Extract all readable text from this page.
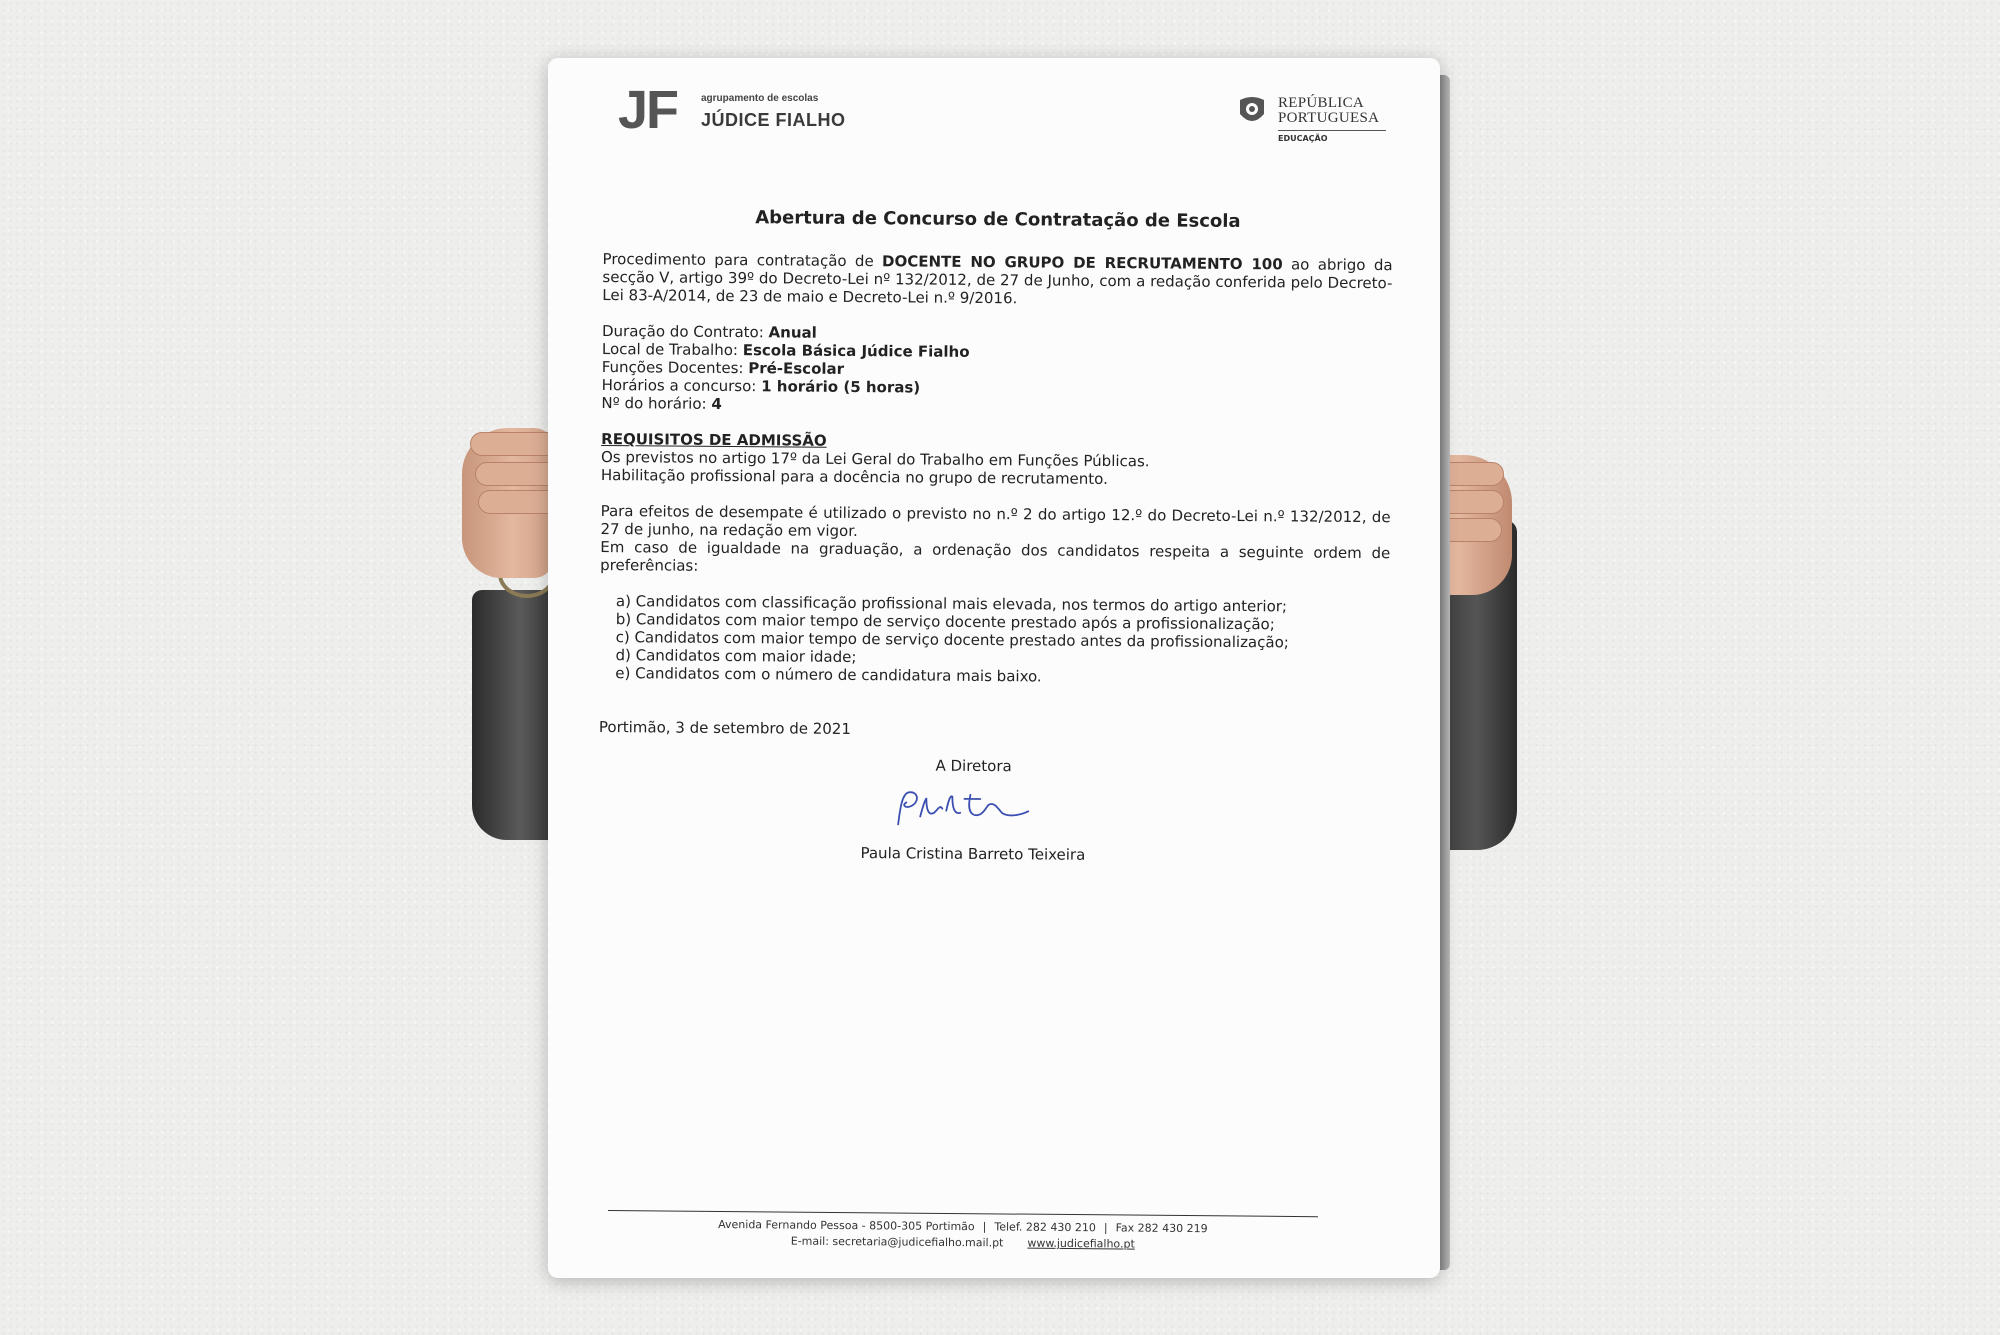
JF agrupamento de escolas
JÚDICE FIALHO
REPÚBLICA
PORTUGUESA
EDUCAÇÃO
Abertura de Concurso de Contratação de Escola

Procedimento para contratação de DOCENTE NO GRUPO DE RECRUTAMENTO 100 ao abrigo da secção V, artigo 39º do Decreto-Lei nº 132/2012, de 27 de Junho, com a redação conferida pelo Decreto-Lei 83-A/2014, de 23 de maio e Decreto-Lei n.º 9/2016.

Duração do Contrato: Anual

Local de Trabalho: Escola Básica Júdice Fialho

Funções Docentes: Pré-Escolar

Horários a concurso: 1 horário (5 horas)

Nº do horário: 4

REQUISITOS DE ADMISSÃO

Os previstos no artigo 17º da Lei Geral do Trabalho em Funções Públicas.

Habilitação profissional para a docência no grupo de recrutamento.

Para efeitos de desempate é utilizado o previsto no n.º 2 do artigo 12.º do Decreto-Lei n.º 132/2012, de 27 de junho, na redação em vigor.

Em caso de igualdade na graduação, a ordenação dos candidatos respeita a seguinte ordem de preferências:

a) Candidatos com classificação profissional mais elevada, nos termos do artigo anterior;

b) Candidatos com maior tempo de serviço docente prestado após a profissionalização;

c) Candidatos com maior tempo de serviço docente prestado antes da profissionalização;

d) Candidatos com maior idade;

e) Candidatos com o número de candidatura mais baixo.

Portimão, 3 de setembro de 2021

A Diretora

Paula Cristina Barreto Teixeira

Avenida Fernando Pessoa - 8500-305 Portimão | Telef. 282 430 210 | Fax 282 430 219
E-mail: secretaria@judicefialho.mail.pt www.judicefialho.pt
